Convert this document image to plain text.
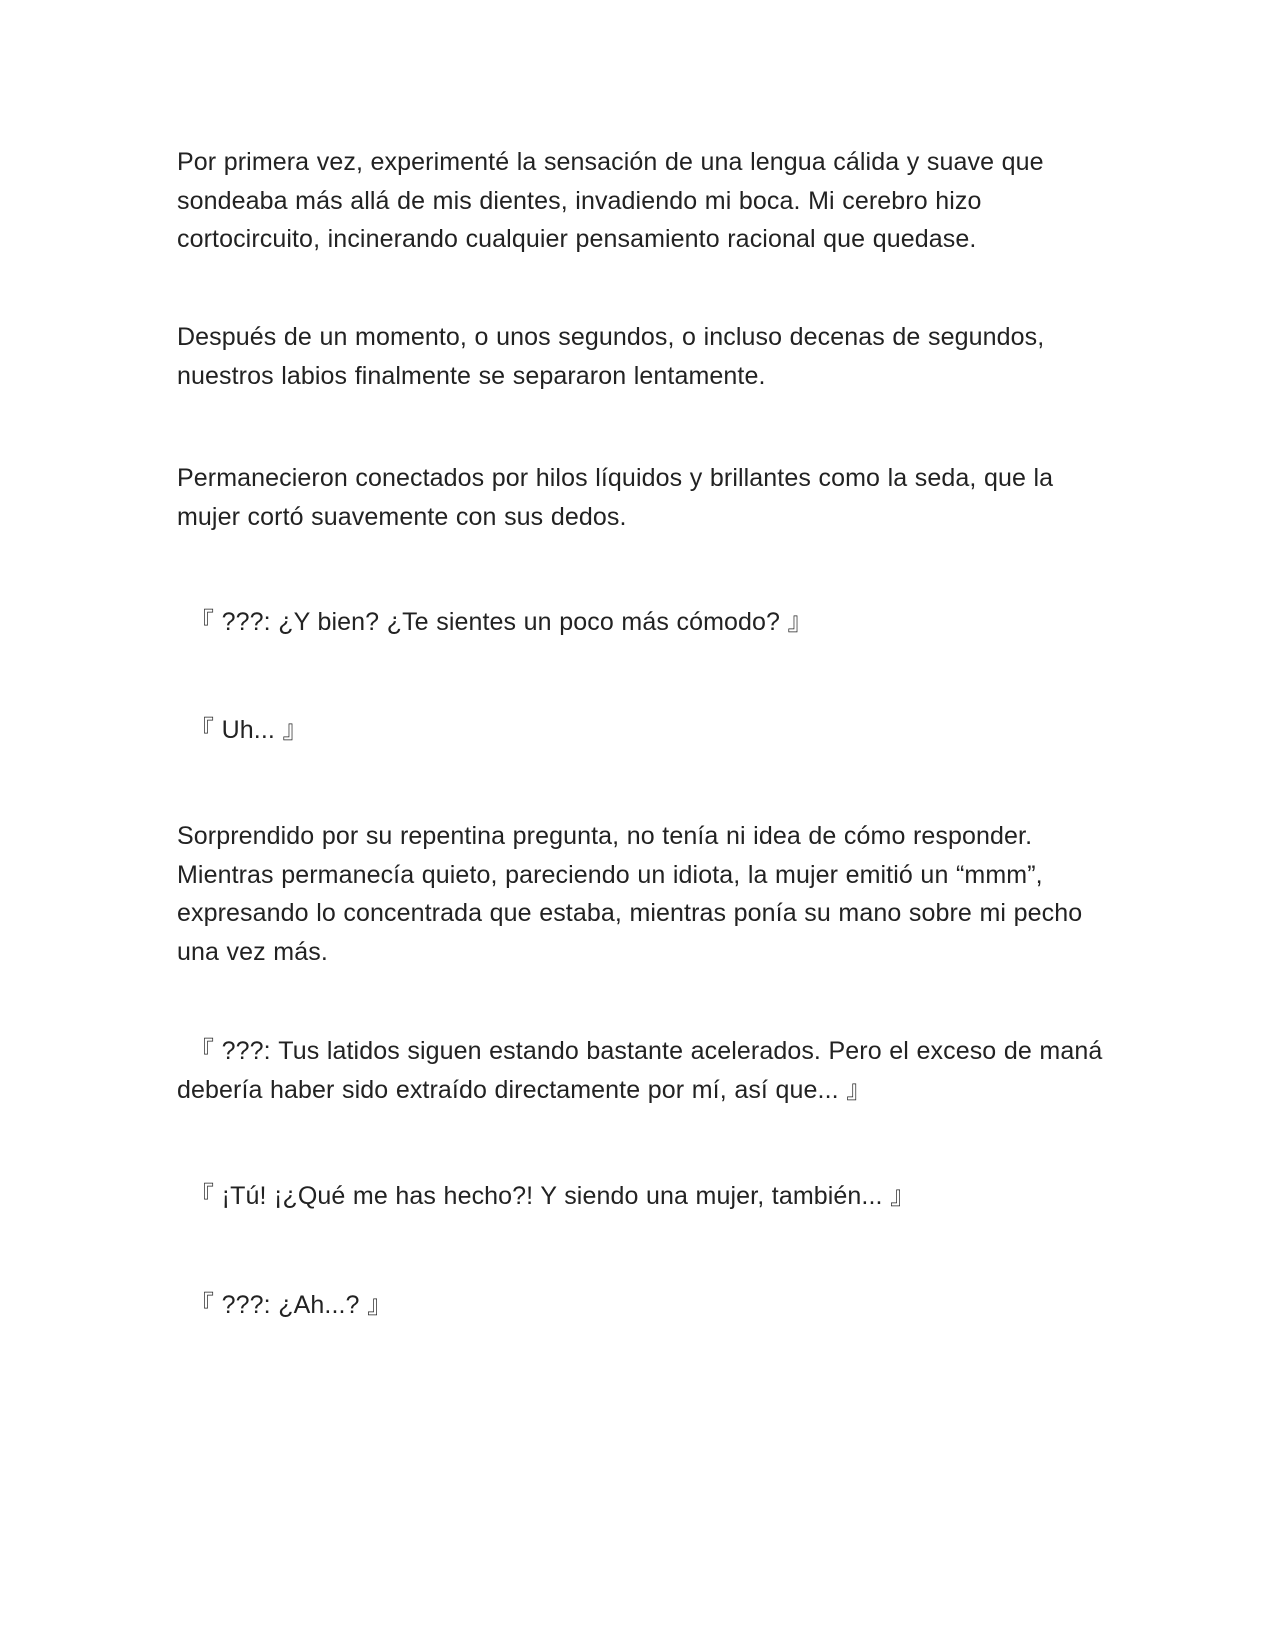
Por primera vez, experimenté la sensación de una lengua cálida y suave que sondeaba más allá de mis dientes, invadiendo mi boca. Mi cerebro hizo cortocircuito, incinerando cualquier pensamiento racional que quedase.

Después de un momento, o unos segundos, o incluso decenas de segundos, nuestros labios finalmente se separaron lentamente.

Permanecieron conectados por hilos líquidos y brillantes como la seda, que la mujer cortó suavemente con sus dedos.

『 ???: ¿Y bien? ¿Te sientes un poco más cómodo? 』

『 Uh... 』

Sorprendido por su repentina pregunta, no tenía ni idea de cómo responder. Mientras permanecía quieto, pareciendo un idiota, la mujer emitió un “mmm”, expresando lo concentrada que estaba, mientras ponía su mano sobre mi pecho una vez más.

『 ???: Tus latidos siguen estando bastante acelerados. Pero el exceso de maná debería haber sido extraído directamente por mí, así que... 』

『 ¡Tú! ¡¿Qué me has hecho?! Y siendo una mujer, también... 』

『 ???: ¿Ah...? 』
